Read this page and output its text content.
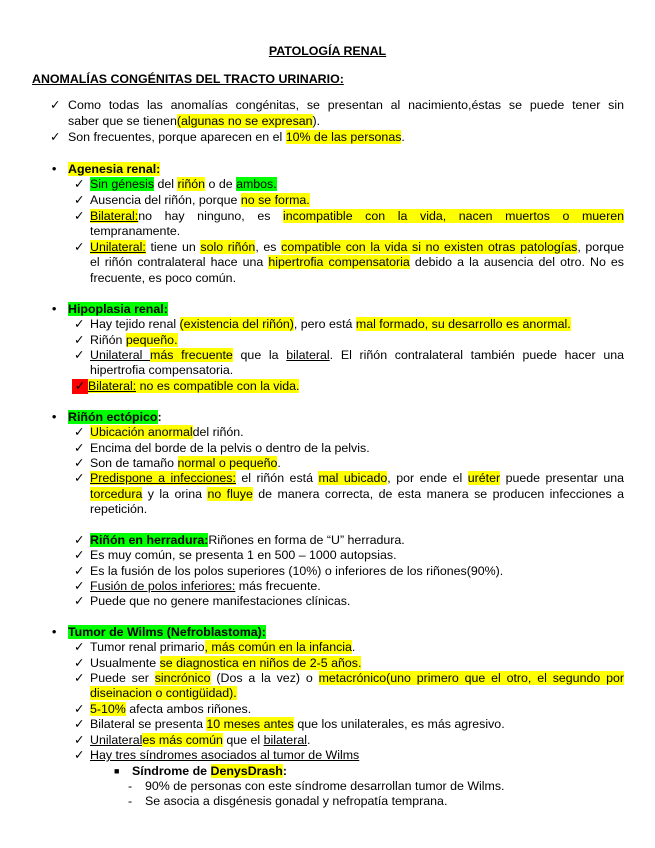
PATOLOGÍA RENAL
ANOMALÍAS CONGÉNITAS DEL TRACTO URINARIO:
✓ Como todas las anomalías congénitas, se presentan al nacimiento,éstas se puede tener sin
saber que se tienen(algunas no se expresan).
✓ Son frecuentes, porque aparecen en el 10% de las personas.
• Agenesia renal:
✓ Sin génesis del riñón o de ambos.
✓ Ausencia del riñón, porque no se forma.
✓ Bilateral:no hay ninguno, es incompatible con la vida, nacen muertos o mueren
tempranamente.
✓ Unilateral: tiene un solo riñón, es compatible con la vida si no existen otras patologías, porque
el riñón contralateral hace una hipertrofia compensatoria debido a la ausencia del otro. No es
frecuente, es poco común.
• Hipoplasia renal:
✓ Hay tejido renal (existencia del riñón), pero está mal formado, su desarrollo es anormal.
✓ Riñón pequeño.
✓ Unilateral más frecuente que la bilateral. El riñón contralateral también puede hacer una
hipertrofia compensatoria.
✓ Bilateral: no es compatible con la vida.
• Riñón ectópico:
✓ Ubicación anormaldel riñón.
✓ Encima del borde de la pelvis o dentro de la pelvis.
✓ Son de tamaño normal o pequeño.
✓ Predispone a infecciones: el riñón está mal ubicado, por ende el uréter puede presentar una
torcedura y la orina no fluye de manera correcta, de esta manera se producen infecciones a
repetición.
✓ Riñón en herradura:Riñones en forma de “U” herradura.
✓ Es muy común, se presenta 1 en 500 – 1000 autopsias.
✓ Es la fusión de los polos superiores (10%) o inferiores de los riñones(90%).
✓ Fusión de polos inferiores: más frecuente.
✓ Puede que no genere manifestaciones clínicas.
• Tumor de Wilms (Nefroblastoma):
✓ Tumor renal primario, más común en la infancia.
✓ Usualmente se diagnostica en niños de 2-5 años.
✓ Puede ser sincrónico (Dos a la vez) o metacrónico(uno primero que el otro, el segundo por
diseinacion o contigüidad).
✓ 5-10% afecta ambos riñones.
✓ Bilateral se presenta 10 meses antes que los unilaterales, es más agresivo.
✓ Unilaterales más común que el bilateral.
✓ Hay tres síndromes asociados al tumor de Wilms
■ Síndrome de DenysDrash:
- 90% de personas con este síndrome desarrollan tumor de Wilms.
- Se asocia a disgénesis gonadal y nefropatía temprana.
